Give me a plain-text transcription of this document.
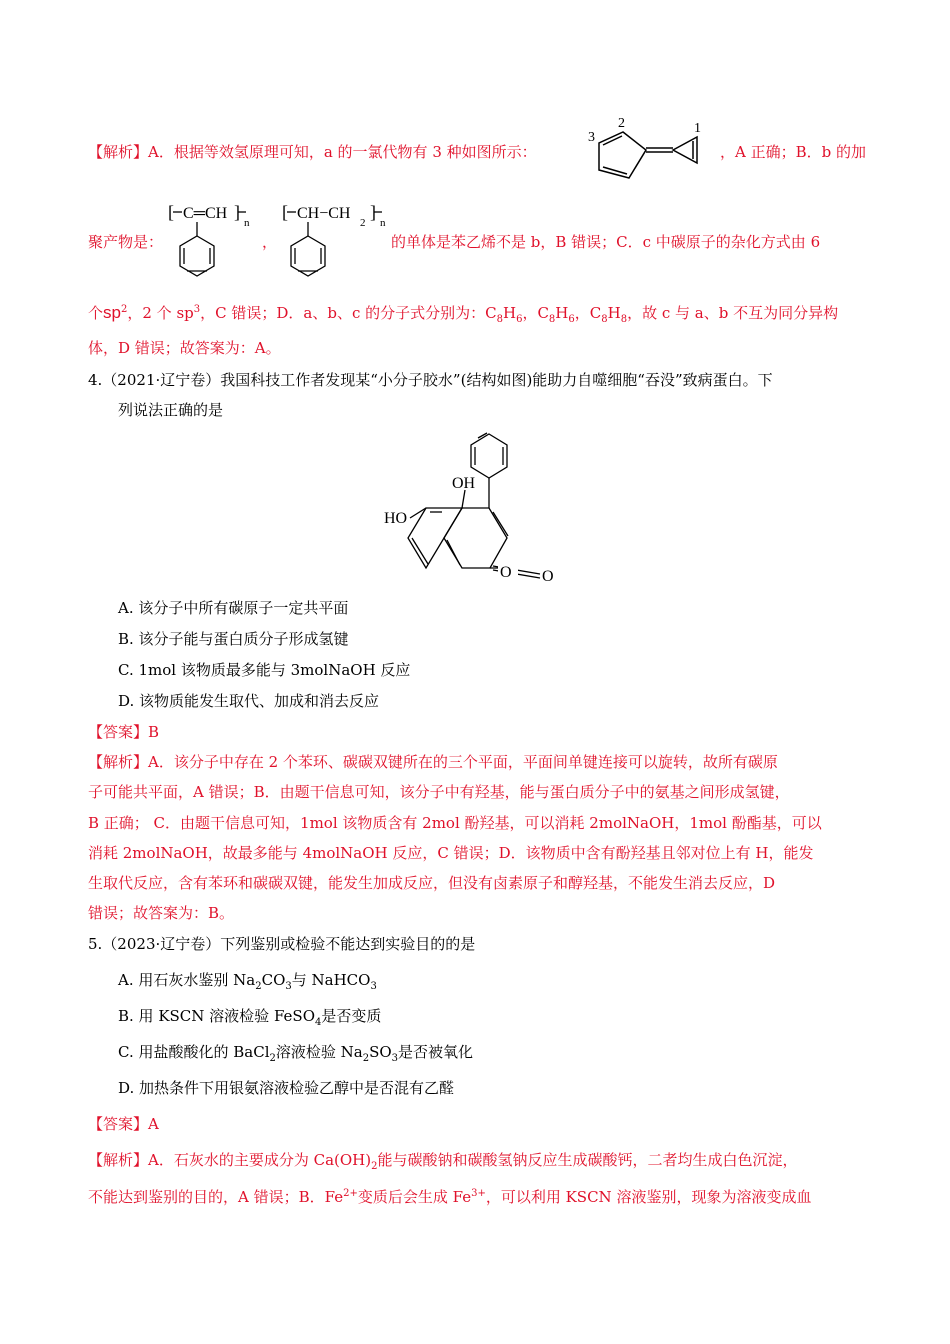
【解析】A．根据等效氢原理可知，a 的一氯代物有 3 种如图所示：
3
2	1
，A 正确；B．b 的加
聚产物是：
[ C═CH ]
n
，
[ CH−CH
2
]
n
的单体是苯乙烯不是 b，B 错误；C．c 中碳原子的杂化方式由 6
个$sp^2$，2 个 $sp^3$，C 错误；D．a、b、c 的分子式分别为：$C_8H_6$，$C_8H_6$，$C_8H_8$，故 c 与 a、b 不互为同分异构
体，D 错误；故答案为：A。
4.（2021·辽宁卷）我国科技工作者发现某“小分子胶水”(结构如图)能助力自噬细胞“吞没”致病蛋白。下
列说法正确的是
OH
HO
O O
A. 该分子中所有碳原子一定共平面
B. 该分子能与蛋白质分子形成氢键
C. 1mol 该物质最多能与 3molNaOH 反应
D. 该物质能发生取代、加成和消去反应
【答案】B
【解析】A．该分子中存在 2 个苯环、碳碳双键所在的三个平面，平面间单键连接可以旋转，故所有碳原
子可能共平面，A 错误；B．由题干信息可知，该分子中有羟基，能与蛋白质分子中的氨基之间形成氢键，
B 正确； C．由题干信息可知，1mol 该物质含有 2mol 酚羟基，可以消耗 2molNaOH，1mol 酚酯基，可以
消耗 2molNaOH，故最多能与 4molNaOH 反应，C 错误；D．该物质中含有酚羟基且邻对位上有 H，能发
生取代反应，含有苯环和碳碳双键，能发生加成反应，但没有卤素原子和醇羟基，不能发生消去反应，D
错误；故答案为：B。
5.（2023·辽宁卷）下列鉴别或检验不能达到实验目的的是
A. 用石灰水鉴别 $Na_2CO_3$与 NaHCO$_3$
B. 用 KSCN 溶液检验 FeSO$_4$是否变质
C. 用盐酸酸化的 BaCl$_2$溶液检验 $Na_2SO_3$是否被氧化
D. 加热条件下用银氨溶液检验乙醇中是否混有乙醛
【答案】A
【解析】A．石灰水的主要成分为 $Ca(OH)_2$能与碳酸钠和碳酸氢钠反应生成碳酸钙，二者均生成白色沉淀，
不能达到鉴别的目的，A 错误；B．$Fe^{2+}$变质后会生成 $Fe^{3+}$，可以利用 KSCN 溶液鉴别，现象为溶液变成血
